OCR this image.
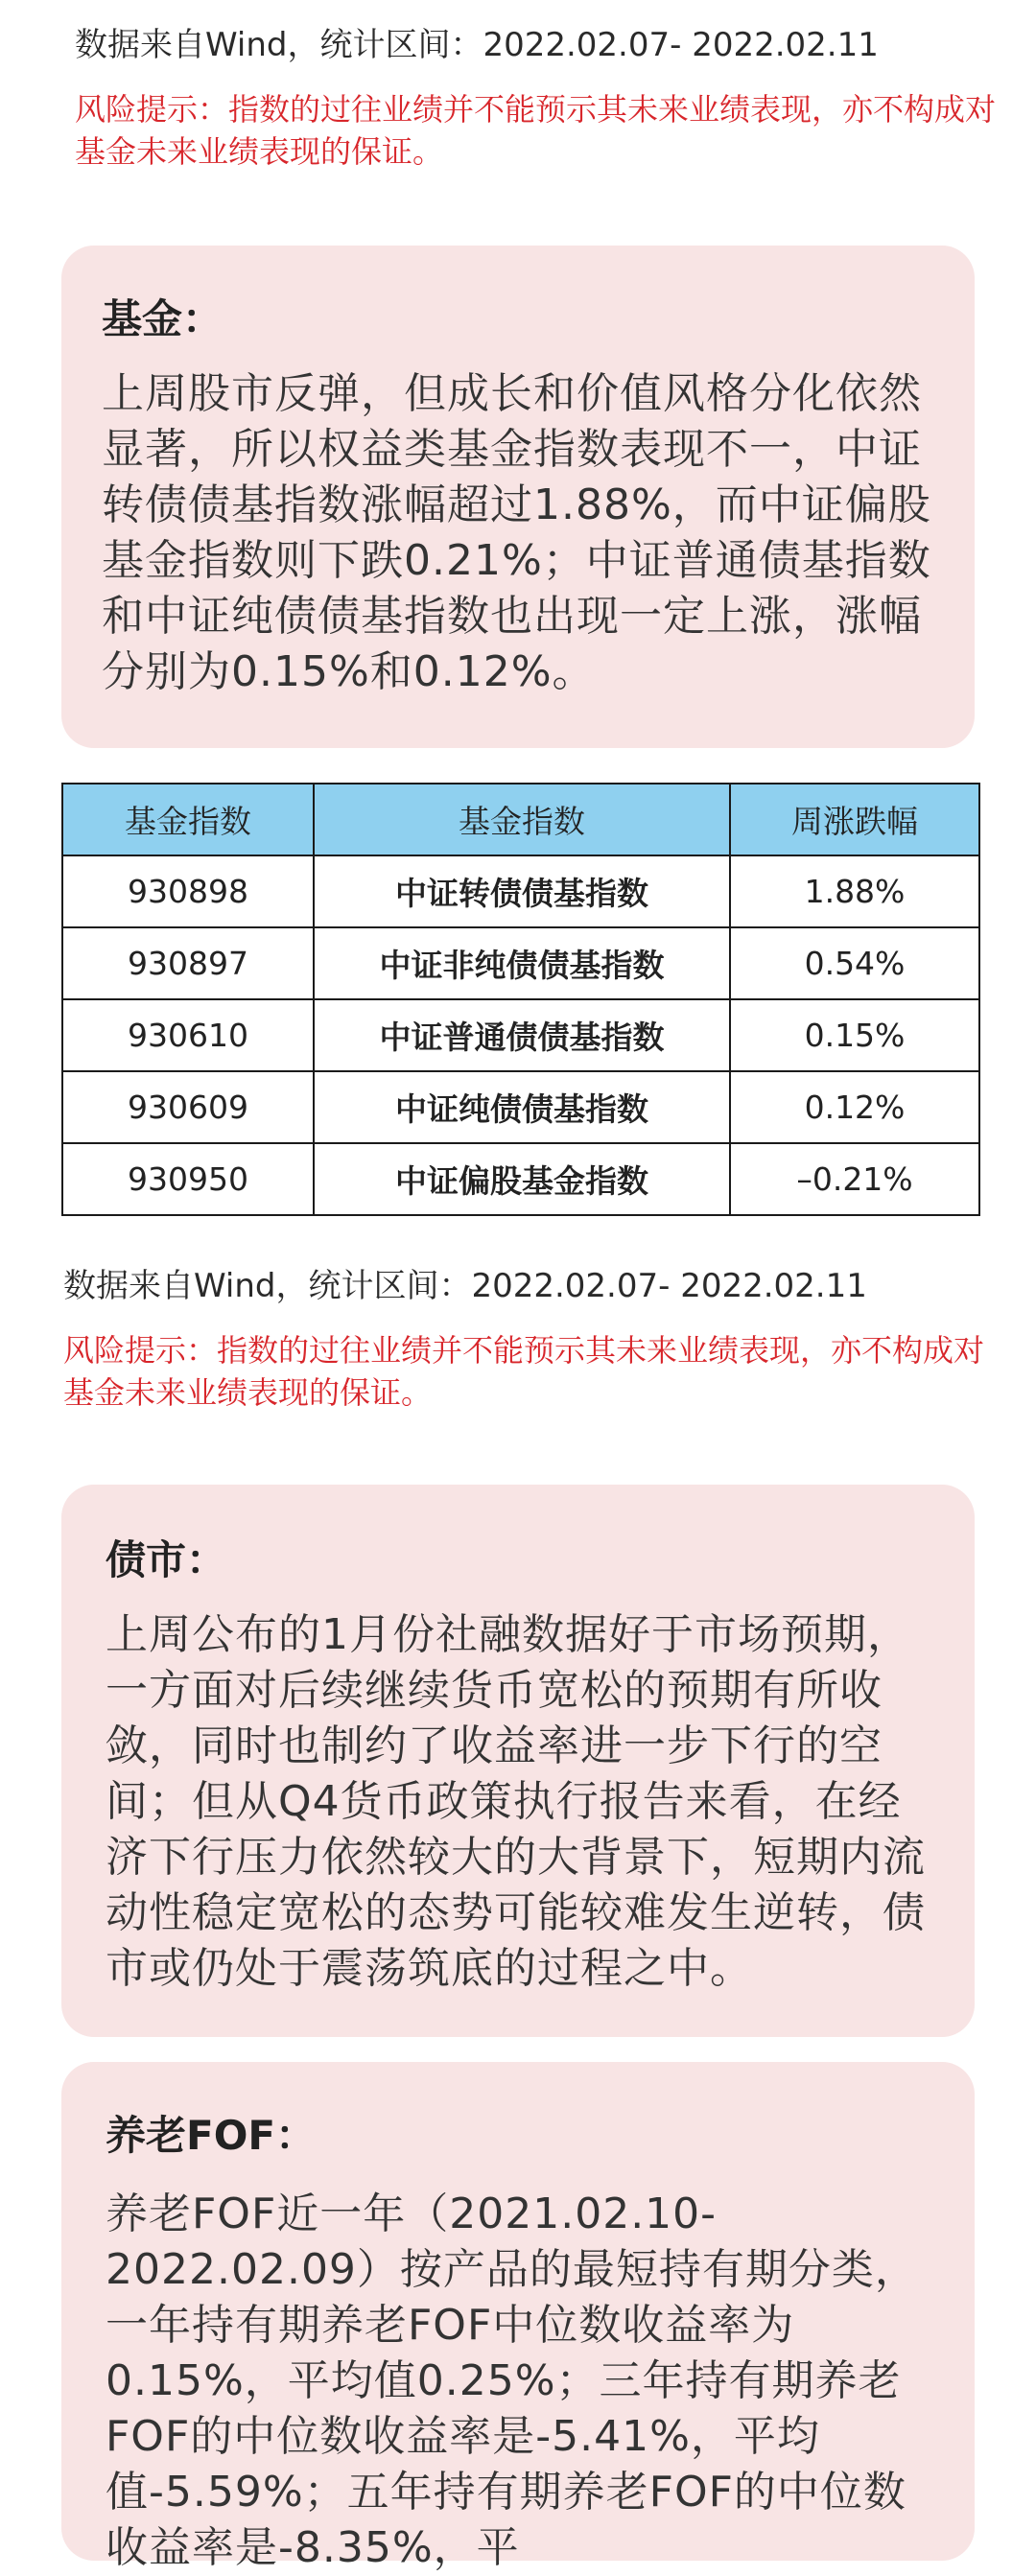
数据来自Wind，统计区间：2022.02.07- 2022.02.11
风险提示：指数的过往业绩并不能预示其未来业绩表现，亦不构成对基金未来业绩表现的保证。

基金：

上周股市反弹，但成长和价值风格分化依然显著，所以权益类基金指数表现不一，中证转债债基指数涨幅超过1.88%，而中证偏股基金指数则下跌0.21%；中证普通债基指数和中证纯债债基指数也出现一定上涨，涨幅分别为0.15%和0.12%。

基金指数	基金指数	周涨跌幅
930898	中证转债债基指数	1.88%
930897	中证非纯债债基指数	0.54%
930610	中证普通债债基指数	0.15%
930609	中证纯债债基指数	0.12%
930950	中证偏股基金指数	–0.21%
数据来自Wind，统计区间：2022.02.07- 2022.02.11
风险提示：指数的过往业绩并不能预示其未来业绩表现，亦不构成对基金未来业绩表现的保证。

债市：

上周公布的1月份社融数据好于市场预期，一方面对后续继续货币宽松的预期有所收敛，同时也制约了收益率进一步下行的空间；但从Q4货币政策执行报告来看，在经济下行压力依然较大的大背景下，短期内流动性稳定宽松的态势可能较难发生逆转，债市或仍处于震荡筑底的过程之中。

养老FOF：

养老FOF近一年（2021.02.10-2022.02.09）按产品的最短持有期分类，一年持有期养老FOF中位数收益率为0.15%，平均值0.25%；三年持有期养老FOF的中位数收益率是-5.41%，平均值-5.59%；五年持有期养老FOF的中位数收益率是-8.35%，平
